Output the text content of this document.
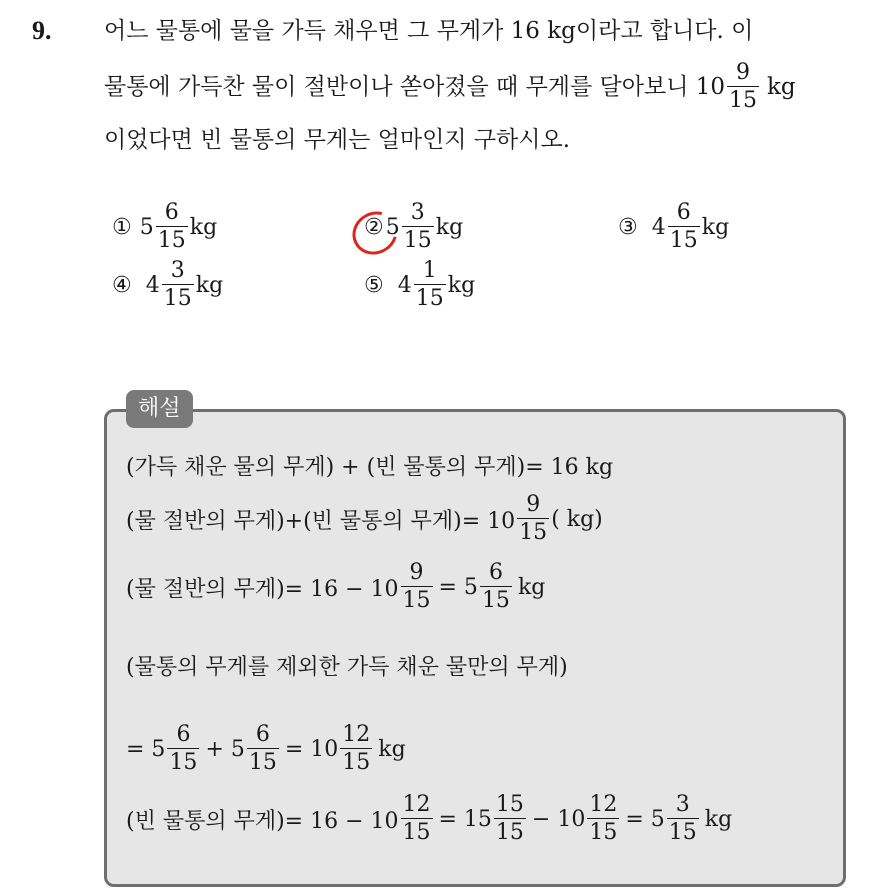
9. 어느 물통에 물을 가득 채우면 그 무게가 16 kg이라고 합니다. 이
물통에 가득찬 물이 절반이나 쏟아졌을 때 무게를 달아보니 $10 \frac{9}{15}$ kg
이었다면 빈 물통의 무게는 얼마인지 구하시오.
① $5 \frac{6}{15}$ kg	② $5 \frac{3}{15}$ kg	③ $4 \frac{6}{15}$ kg
④ $4 \frac{3}{15}$ kg	⑤ $4 \frac{1}{15}$ kg
해설
(가득 채운 물의 무게) + (빈 물통의 무게)= 16 kg
(물 절반의 무게)+(빈 물통의 무게)= $10 \frac{9}{15}$ ( kg)
(물 절반의 무게)= $16 - 10 \frac{9}{15} = 5 \frac{6}{15}$ kg
(물통의 무게를 제외한 가득 채운 물만의 무게)
= $5 \frac{6}{15} + 5 \frac{6}{15} = 10 \frac{12}{15}$ kg
(빈 물통의 무게)= $16 - 10 \frac{12}{15} = 15 \frac{15}{15} - 10 \frac{12}{15} = 5 \frac{3}{15}$ kg
